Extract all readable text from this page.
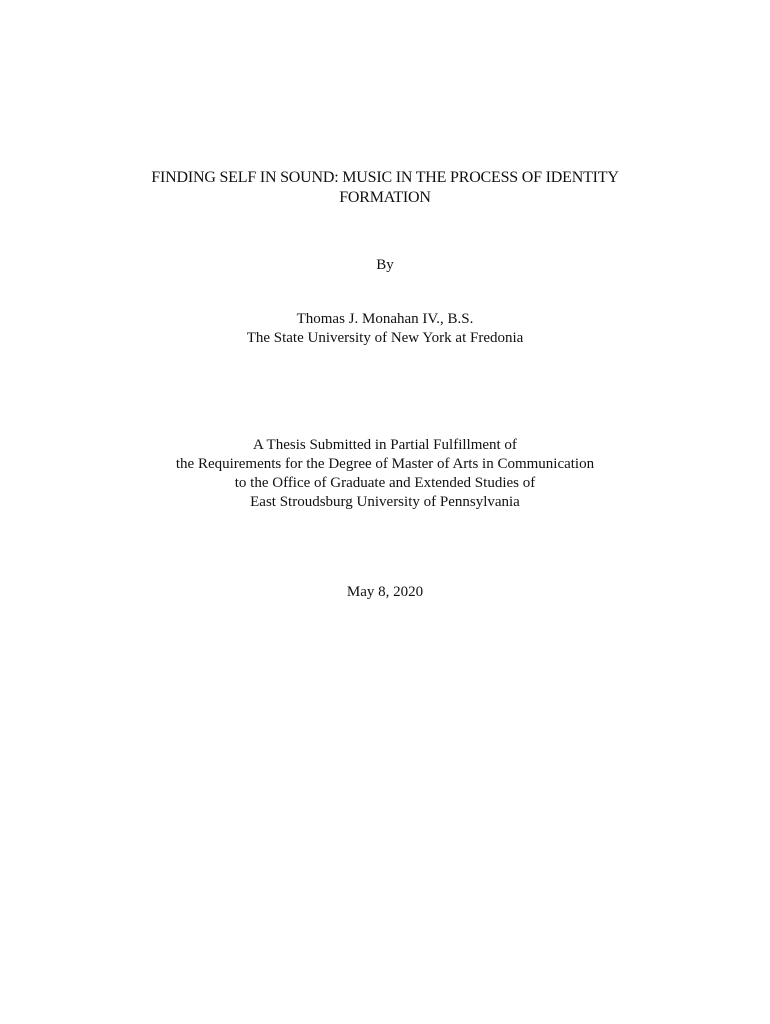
FINDING SELF IN SOUND: MUSIC IN THE PROCESS OF IDENTITY
FORMATION
By
Thomas J. Monahan IV., B.S.
The State University of New York at Fredonia
A Thesis Submitted in Partial Fulfillment of
the Requirements for the Degree of Master of Arts in Communication
to the Office of Graduate and Extended Studies of
East Stroudsburg University of Pennsylvania
May 8, 2020
